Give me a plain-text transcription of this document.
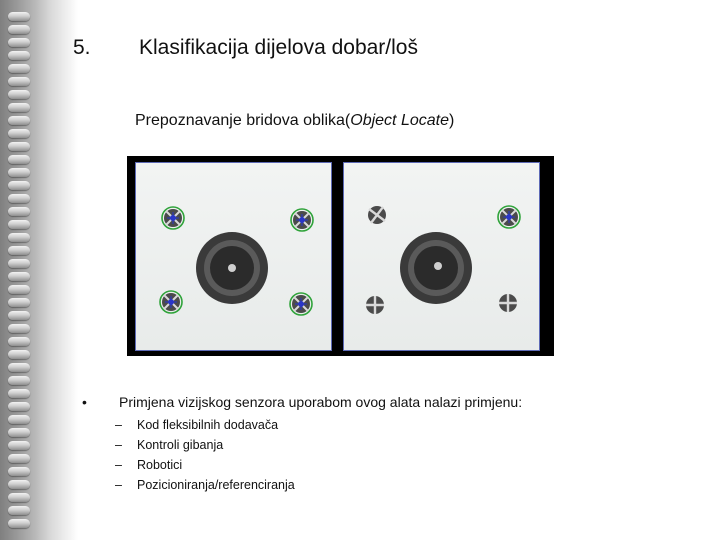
5. Klasifikacija dijelova dobar/loš
Prepoznavanje bridova oblika(Object Locate)
• Primjena vizijskog senzora uporabom ovog alata nalazi primjenu:
– Kod fleksibilnih dodavača
– Kontroli gibanja
– Robotici
– Pozicioniranja/referenciranja
